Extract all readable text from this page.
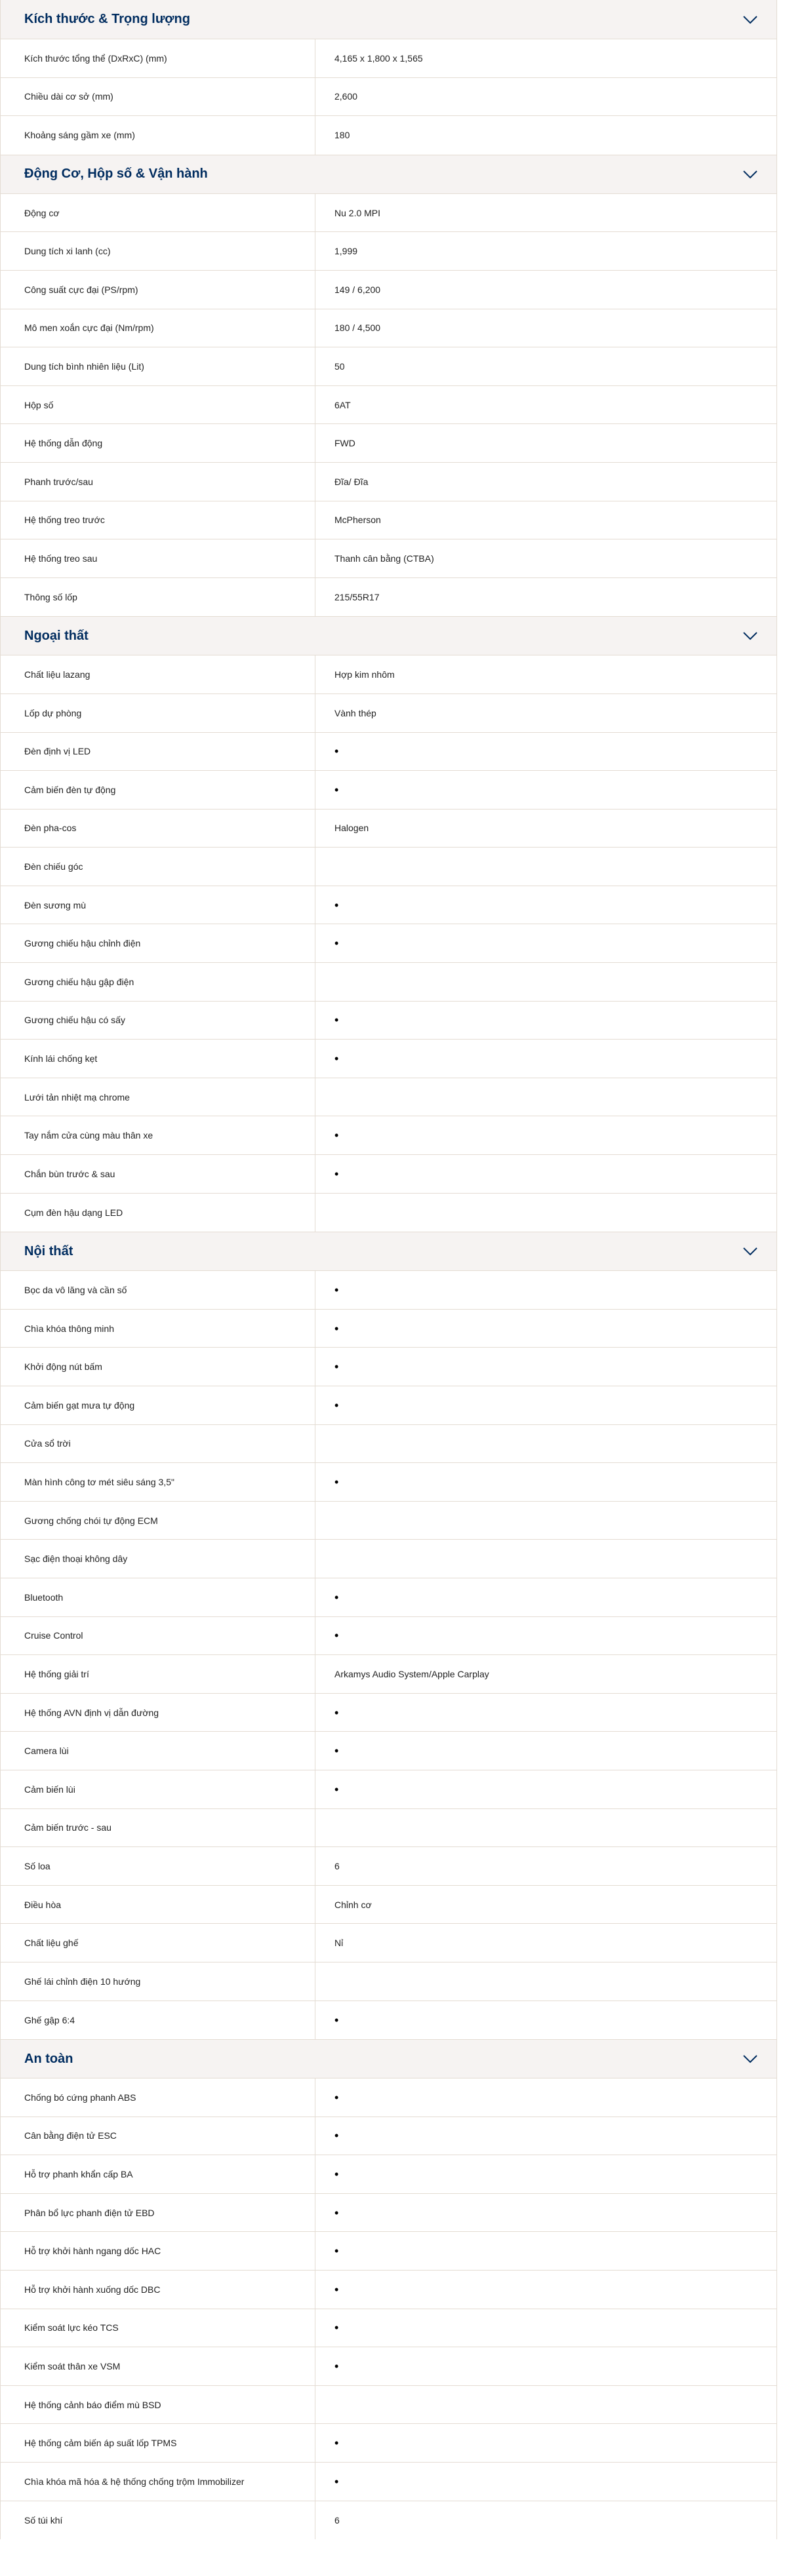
Kích thước & Trọng lượng
Kích thước tổng thể (DxRxC) (mm)	4,165 x 1,800 x 1,565
Chiều dài cơ sở (mm)	2,600
Khoảng sáng gầm xe (mm)	180
Động Cơ, Hộp số & Vận hành
Động cơ	Nu 2.0 MPI
Dung tích xi lanh (cc)	1,999
Công suất cực đại (PS/rpm)	149 / 6,200
Mô men xoắn cực đại (Nm/rpm)	180 / 4,500
Dung tích bình nhiên liệu (Lit)	50
Hộp số	6AT
Hệ thống dẫn động	FWD
Phanh trước/sau	Đĩa/ Đĩa
Hệ thống treo trước	McPherson
Hệ thống treo sau	Thanh cân bằng (CTBA)
Thông số lốp	215/55R17
Ngoại thất
Chất liệu lazang	Hợp kim nhôm
Lốp dự phòng	Vành thép
Đèn định vị LED	•
Cảm biến đèn tự động	•
Đèn pha-cos	Halogen
Đèn chiếu góc
Đèn sương mù	•
Gương chiếu hậu chỉnh điện	•
Gương chiếu hậu gập điện
Gương chiếu hậu có sấy	•
Kính lái chống kẹt	•
Lưới tản nhiệt mạ chrome
Tay nắm cửa cùng màu thân xe	•
Chắn bùn trước & sau	•
Cụm đèn hậu dạng LED
Nội thất
Bọc da vô lăng và cần số	•
Chìa khóa thông minh	•
Khởi động nút bấm	•
Cảm biến gạt mưa tự động	•
Cửa sổ trời
Màn hình công tơ mét siêu sáng 3,5"	•
Gương chống chói tự động ECM
Sạc điện thoại không dây
Bluetooth	•
Cruise Control	•
Hệ thống giải trí	Arkamys Audio System/Apple Carplay
Hệ thống AVN định vị dẫn đường	•
Camera lùi	•
Cảm biến lùi	•
Cảm biến trước - sau
Số loa	6
Điều hòa	Chỉnh cơ
Chất liệu ghế	Nỉ
Ghế lái chỉnh điện 10 hướng
Ghế gập 6:4	•
An toàn
Chống bó cứng phanh ABS	•
Cân bằng điện tử ESC	•
Hỗ trợ phanh khẩn cấp BA	•
Phân bổ lực phanh điện tử EBD	•
Hỗ trợ khởi hành ngang dốc HAC	•
Hỗ trợ khởi hành xuống dốc DBC	•
Kiểm soát lực kéo TCS	•
Kiểm soát thân xe VSM	•
Hệ thống cảnh báo điểm mù BSD
Hệ thống cảm biến áp suất lốp TPMS	•
Chìa khóa mã hóa & hệ thống chống trộm Immobilizer	•
Số túi khí	6
